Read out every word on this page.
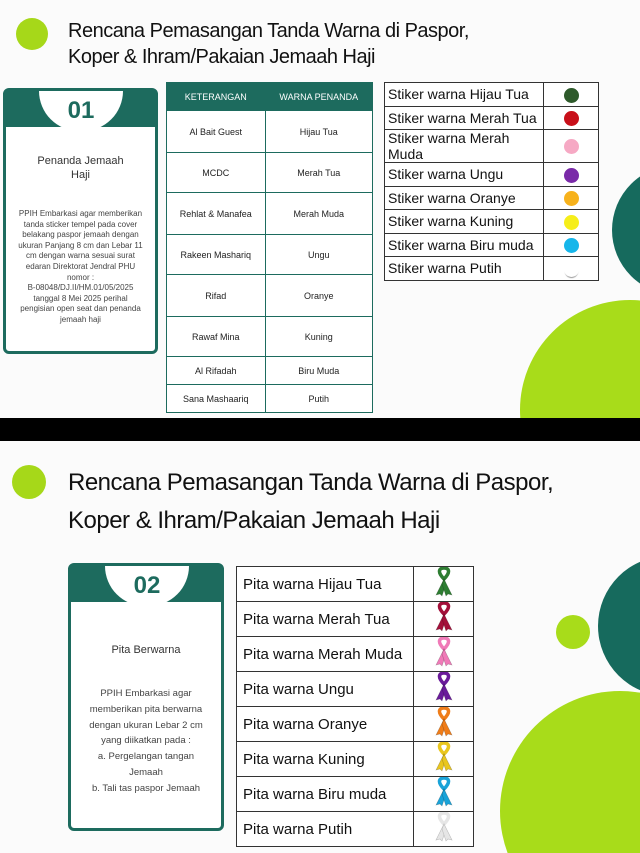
Rencana Pemasangan Tanda Warna di Paspor,
Koper & Ihram/Pakaian Jemaah Haji
01
Penanda Jemaah
Haji
PPIH Embarkasi agar memberikan
tanda sticker tempel pada cover
belakang paspor jemaah dengan
ukuran Panjang 8 cm dan Lebar 11
cm dengan warna sesuai surat
edaran Direktorat Jendral PHU
nomor :
B-08048/DJ.II/HM.01/05/2025
tanggal 8 Mei 2025 perihal
pengisian open seat dan penanda
jemaah haji
KETERANGAN	WARNA PENANDA
Al Bait Guest	Hijau Tua
MCDC	Merah Tua
Rehlat & Manafea	Merah Muda
Rakeen Mashariq	Ungu
Rifad	Oranye
Rawaf Mina	Kuning
Al Rifadah	Biru Muda
Sana Mashaariq	Putih
Stiker warna Hijau Tua	
Stiker warna Merah Tua	
Stiker warna Merah Muda	
Stiker warna Ungu	
Stiker warna Oranye	
Stiker warna Kuning	
Stiker warna Biru muda	
Stiker warna Putih	
Rencana Pemasangan Tanda Warna di Paspor,
Koper & Ihram/Pakaian Jemaah Haji
02
Pita Berwarna
PPIH Embarkasi agar
memberikan pita berwarna
dengan ukuran Lebar 2 cm
yang diikatkan pada :
a. Pergelangan tangan
Jemaah
b. Tali tas paspor Jemaah
Pita warna Hijau Tua	
Pita warna Merah Tua	
Pita warna Merah Muda	
Pita warna Ungu	
Pita warna Oranye	
Pita warna Kuning	
Pita warna Biru muda	
Pita warna Putih	
